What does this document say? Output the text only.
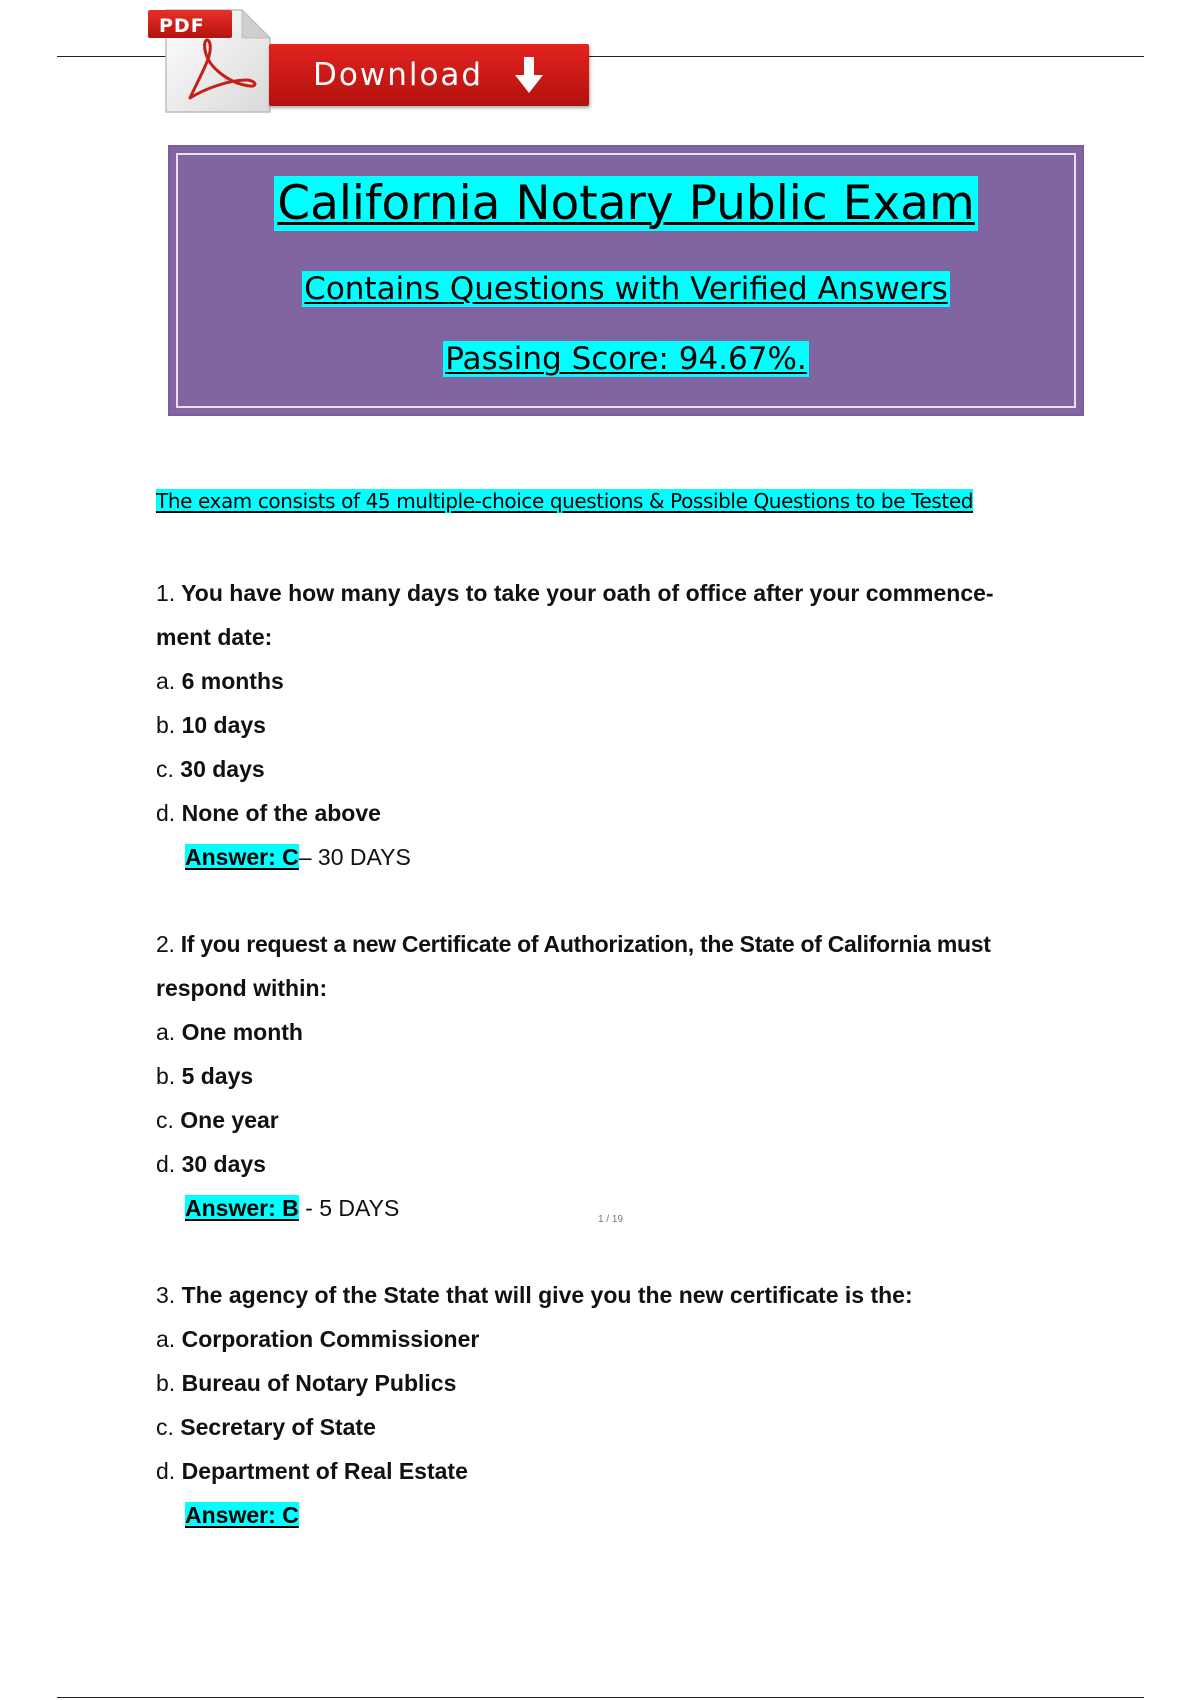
PDF
Download
California Notary Public Exam
Contains Questions with Verified Answers
Passing Score: 94.67%.
The exam consists of 45 multiple-choice questions & Possible Questions to be Tested
1. You have how many days to take your oath of office after your commence-
ment date:
a. 6 months
b. 10 days
c. 30 days
d. None of the above
Answer: C– 30 DAYS
2. If you request a new Certificate of Authorization, the State of California must
respond within:
a. One month
b. 5 days
c. One year
d. 30 days
Answer: B - 5 DAYS	1 / 19
3. The agency of the State that will give you the new certificate is the:
a. Corporation Commissioner
b. Bureau of Notary Publics
c. Secretary of State
d. Department of Real Estate
Answer: C
